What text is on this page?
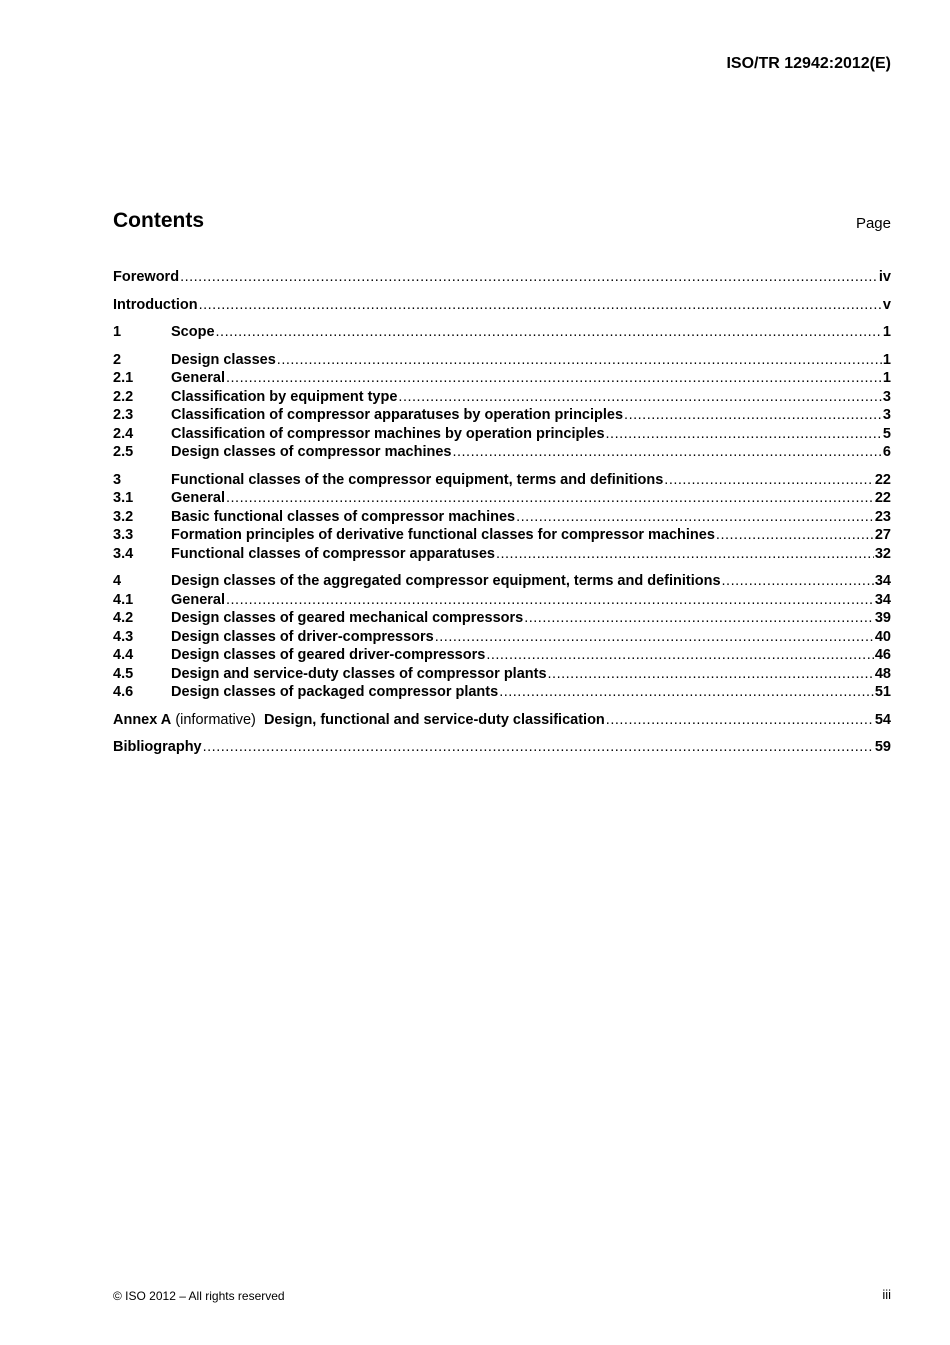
ISO/TR 12942:2012(E)
Contents	Page
Foreword .....	iv
Introduction .....	v
1	Scope .....	1
2	Design classes .....	1
2.1	General .....	1
2.2	Classification by equipment type .....	3
2.3	Classification of compressor apparatuses by operation principles .....	3
2.4	Classification of compressor machines by operation principles .....	5
2.5	Design classes of compressor machines .....	6
3	Functional classes of the compressor equipment, terms and definitions .....	22
3.1	General .....	22
3.2	Basic functional classes of compressor machines .....	23
3.3	Formation principles of derivative functional classes for compressor machines .....	27
3.4	Functional classes of compressor apparatuses .....	32
4	Design classes of the aggregated compressor equipment, terms and definitions .....	34
4.1	General .....	34
4.2	Design classes of geared mechanical compressors .....	39
4.3	Design classes of driver-compressors .....	40
4.4	Design classes of geared driver-compressors .....	46
4.5	Design and service-duty classes of compressor plants .....	48
4.6	Design classes of packaged compressor plants .....	51
Annex A (informative) Design, functional and service-duty classification .....	54
Bibliography .....	59
© ISO 2012 – All rights reserved	iii
